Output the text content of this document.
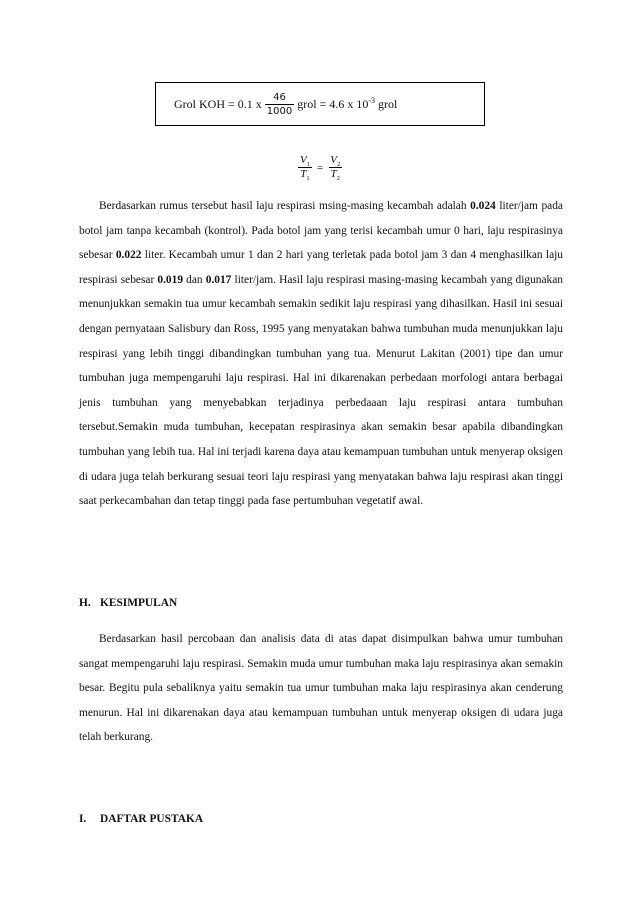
Grol KOH = 0.1 x $\frac{46}{1000}$ grol = 4.6 x $10^{-3}$ grol
$\frac{V_1}{T_1} = \frac{V_2}{T_2}$

Berdasarkan rumus tersebut hasil laju respirasi msing-masing kecambah adalah 0.024 liter/jam pada botol jam tanpa kecambah (kontrol). Pada botol jam yang terisi kecambah umur 0 hari, laju respirasinya sebesar 0.022 liter. Kecambah umur 1 dan 2 hari yang terletak pada botol jam 3 dan 4 menghasilkan laju respirasi sebesar 0.019 dan 0.017 liter/jam. Hasil laju respirasi masing-masing kecambah yang digunakan menunjukkan semakin tua umur kecambah semakin sedikit laju respirasi yang dihasilkan. Hasil ini sesuai dengan pernyataan Salisbury dan Ross, 1995 yang menyatakan bahwa tumbuhan muda menunjukkan laju respirasi yang lebih tinggi dibandingkan tumbuhan yang tua. Menurut Lakitan (2001) tipe dan umur tumbuhan juga mempengaruhi laju respirasi. Hal ini dikarenakan perbedaan morfologi antara berbagai jenis tumbuhan yang menyebabkan terjadinya perbedaaan laju respirasi antara tumbuhan tersebut.Semakin muda tumbuhan, kecepatan respirasinya akan semakin besar apabila dibandingkan tumbuhan yang lebih tua. Hal ini terjadi karena daya atau kemampuan tumbuhan untuk menyerap oksigen di udara juga telah berkurang sesuai teori laju respirasi yang menyatakan bahwa laju respirasi akan tinggi saat perkecambahan dan tetap tinggi pada fase pertumbuhan vegetatif awal.

H. KESIMPULAN

Berdasarkan hasil percobaan dan analisis data di atas dapat disimpulkan bahwa umur tumbuhan sangat mempengaruhi laju respirasi. Semakin muda umur tumbuhan maka laju respirasinya akan semakin besar. Begitu pula sebaliknya yaitu semakin tua umur tumbuhan maka laju respirasinya akan cenderung menurun. Hal ini dikarenakan daya atau kemampuan tumbuhan untuk menyerap oksigen di udara juga telah berkurang.

I. DAFTAR PUSTAKA
